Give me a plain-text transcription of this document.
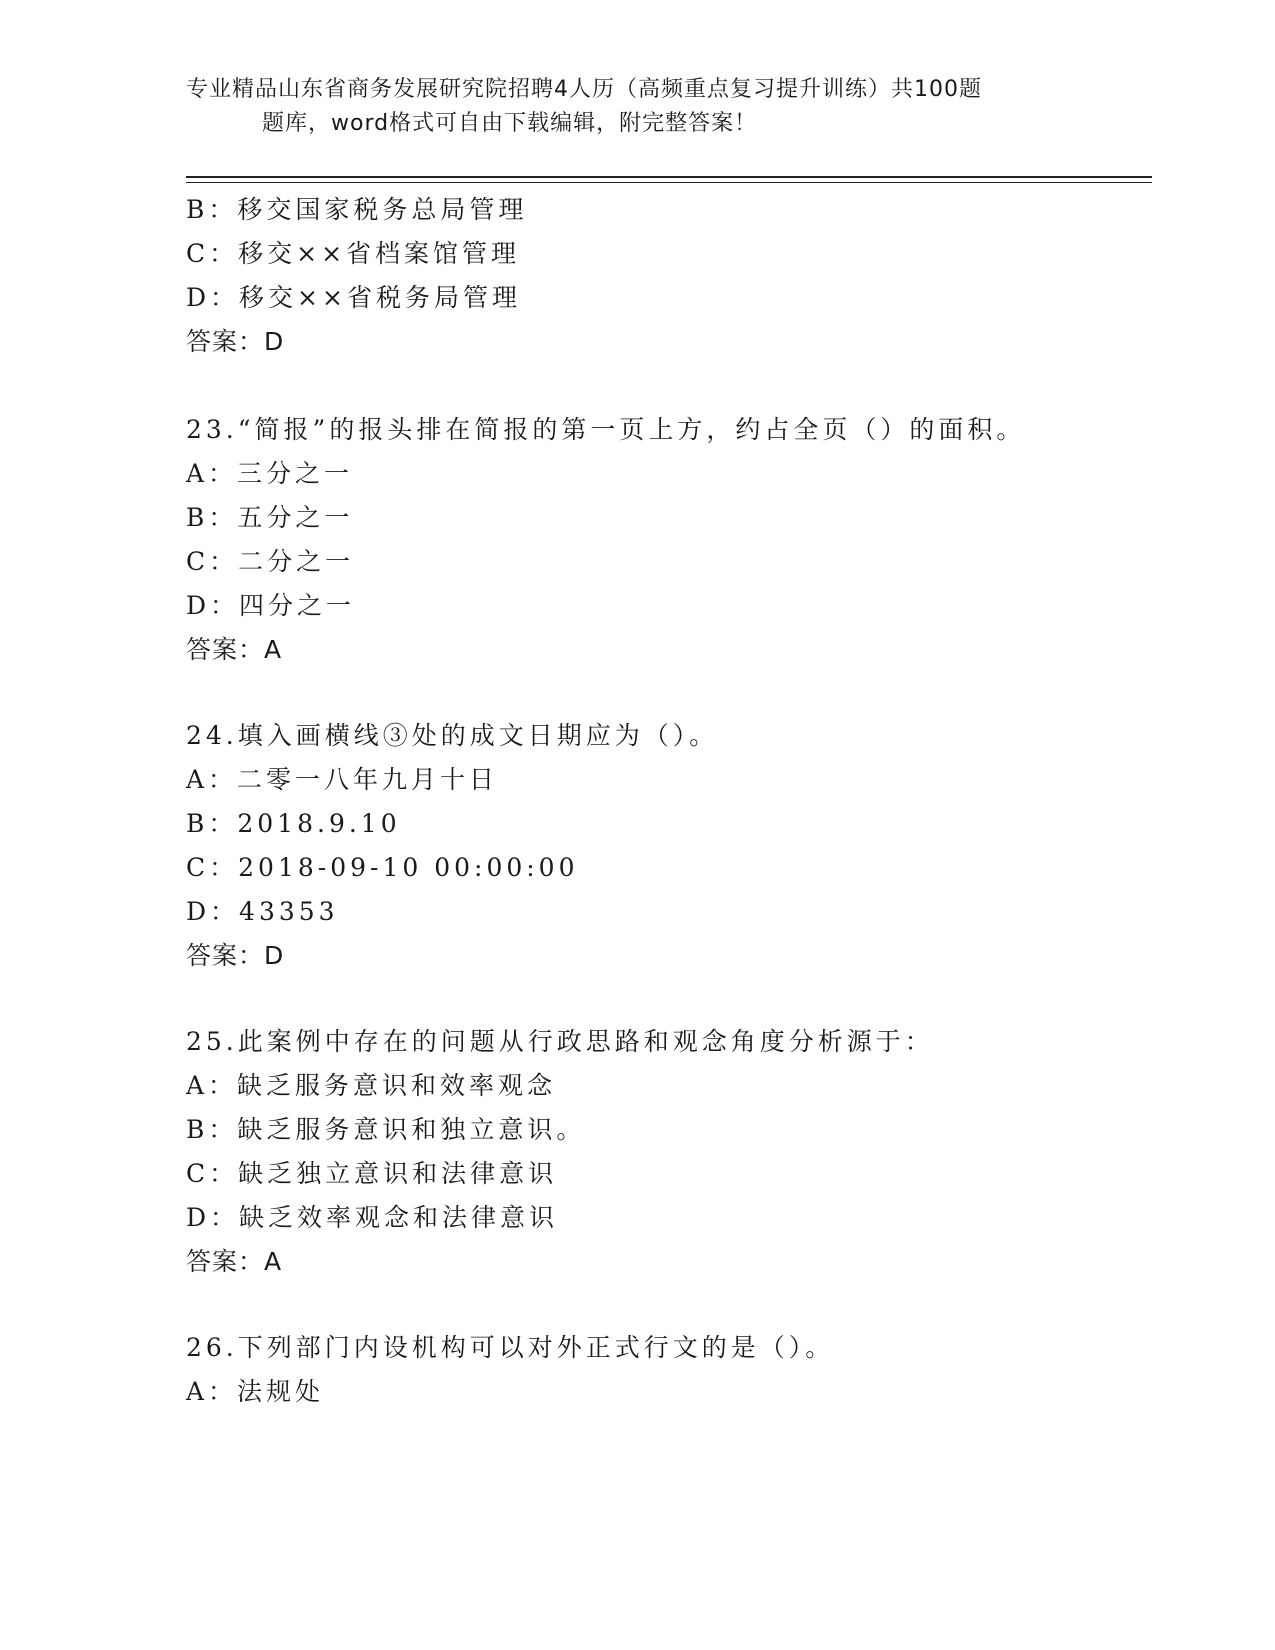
专业精品山东省商务发展研究院招聘4人历（高频重点复习提升训练）共100题
题库，word格式可自由下载编辑，附完整答案！
B：移交国家税务总局管理
C：移交××省档案馆管理
D：移交××省税务局管理
答案：D
23.“简报”的报头排在简报的第一页上方，约占全页（）的面积。
A：三分之一
B：五分之一
C：二分之一
D：四分之一
答案：A
24.填入画横线③处的成文日期应为（）。
A：二零一八年九月十日
B：2018.9.10
C：2018-09-10 00:00:00
D：43353
答案：D
25.此案例中存在的问题从行政思路和观念角度分析源于：
A：缺乏服务意识和效率观念
B：缺乏服务意识和独立意识。
C：缺乏独立意识和法律意识
D：缺乏效率观念和法律意识
答案：A
26.下列部门内设机构可以对外正式行文的是（）。
A：法规处
